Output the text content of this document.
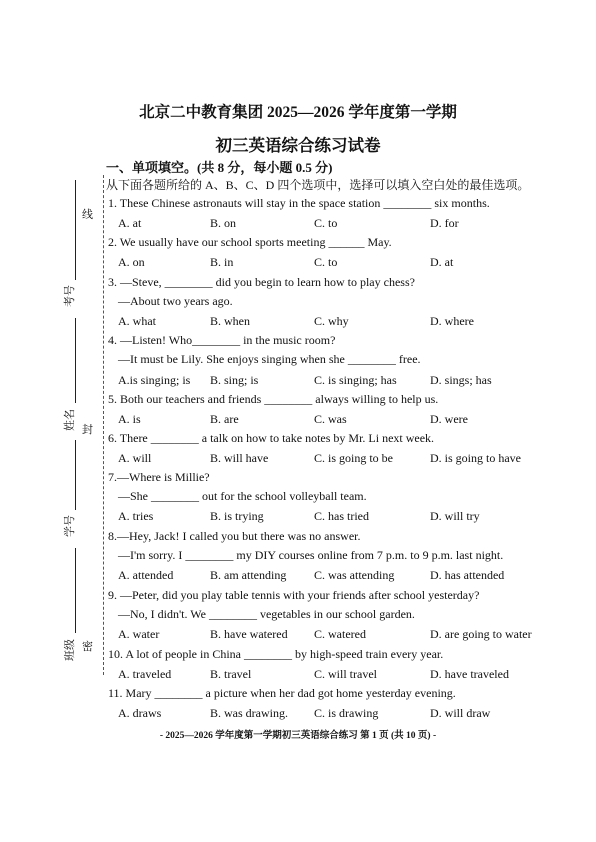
线
封
密
考号
姓名
学号
班级
北京二中教育集团 2025—2026 学年度第一学期
初三英语综合练习试卷
一、单项填空。(共 8 分，每小题 0.5 分)
从下面各题所给的 A、B、C、D 四个选项中，选择可以填入空白处的最佳选项。
1. These Chinese astronauts will stay in the space station ________ six months.
A. at	B. on	C. to	D. for
2. We usually have our school sports meeting ______ May.
A. on	B. in	C. to	D. at
3. —Steve, ________ did you begin to learn how to play chess?
—About two years ago.
A. what	B. when	C. why	D. where
4. —Listen! Who________ in the music room?
—It must be Lily. She enjoys singing when she ________ free.
A.is singing; is B. sing; is	C. is singing; has	D. sings; has
5. Both our teachers and friends ________ always willing to help us.
A. is	B. are	C. was	D. were
6. There ________ a talk on how to take notes by Mr. Li next week.
A. will	B. will have	C. is going to be	D. is going to have
7.—Where is Millie?
—She ________ out for the school volleyball team.
A. tries	B. is trying	C. has tried	D. will try
8.—Hey, Jack! I called you but there was no answer.
—I'm sorry. I ________ my DIY courses online from 7 p.m. to 9 p.m. last night.
A. attended	B. am attending C. was attending	D. has attended
9. —Peter, did you play table tennis with your friends after school yesterday?
—No, I didn't. We ________ vegetables in our school garden.
A. water	B. have watered C. watered	D. are going to water
10. A lot of people in China ________ by high-speed train every year.
A. traveled	B. travel	C. will travel	D. have traveled
11. Mary ________ a picture when her dad got home yesterday evening.
A. draws	B. was drawing. C. is drawing	D. will draw
- 2025—2026 学年度第一学期初三英语综合练习 第 1 页 (共 10 页) -
